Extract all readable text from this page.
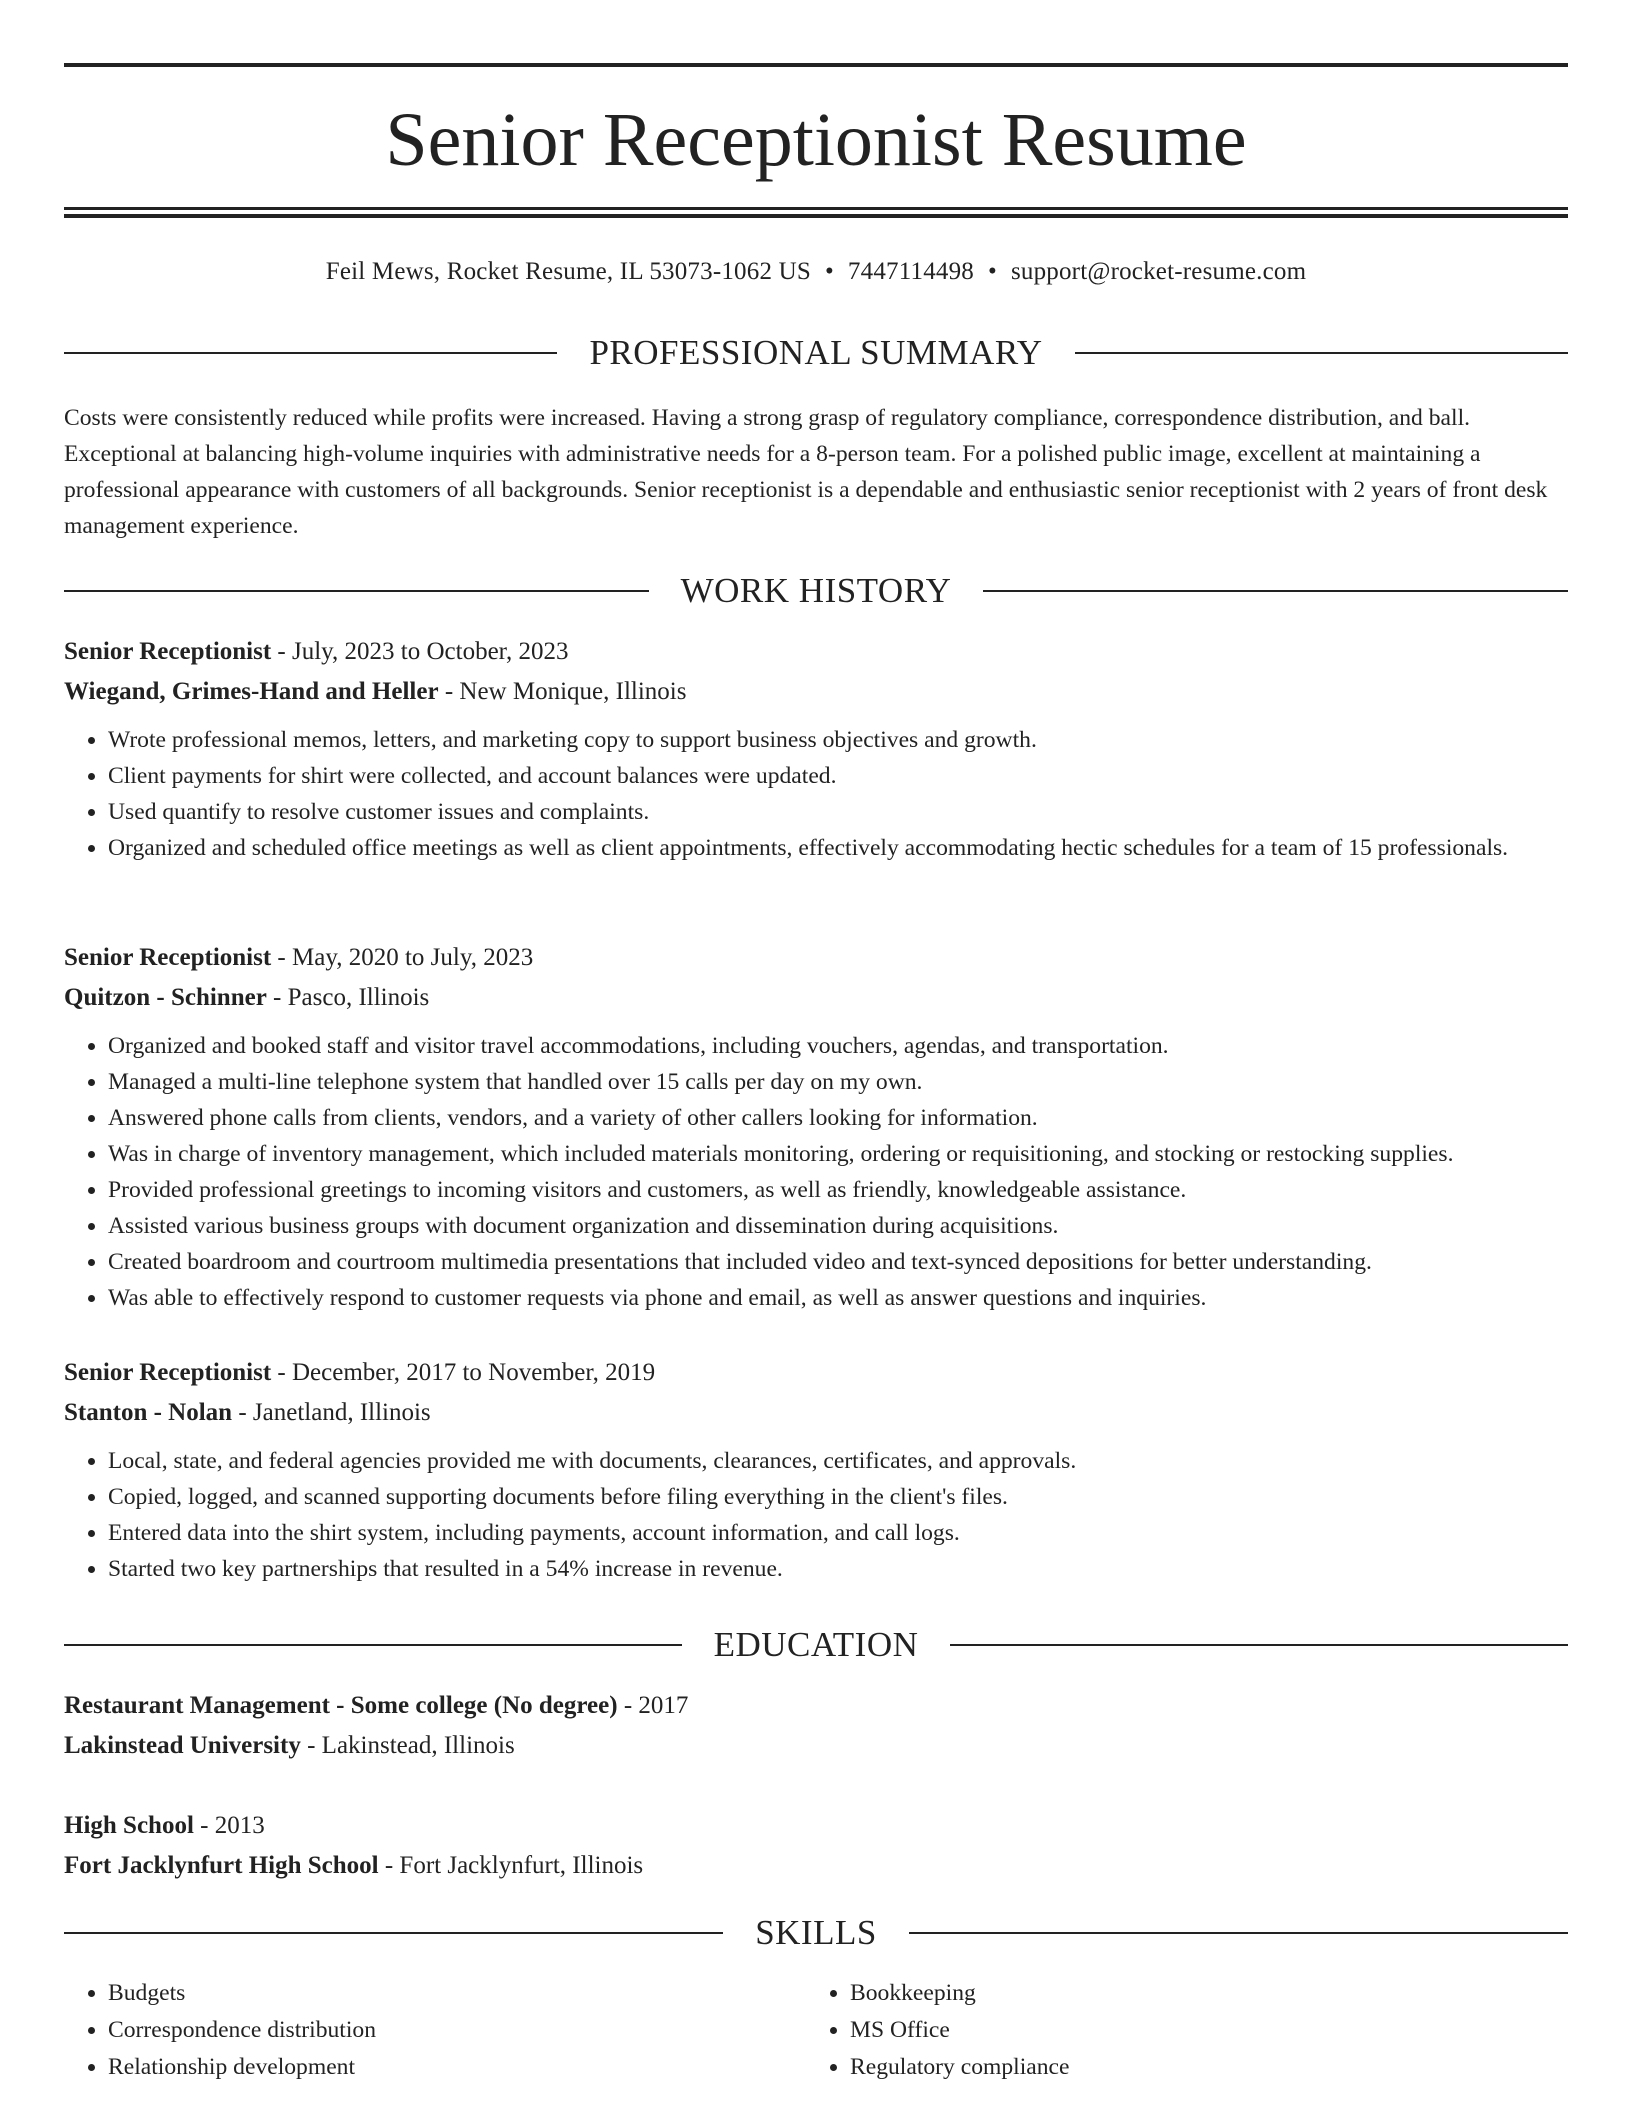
Senior Receptionist Resume
Feil Mews, Rocket Resume, IL 53073-1062 US • 7447114498 • support@rocket-resume.com
PROFESSIONAL SUMMARY

Costs were consistently reduced while profits were increased. Having a strong grasp of regulatory compliance, correspondence distribution, and ball. Exceptional at balancing high-volume inquiries with administrative needs for a 8-person team. For a polished public image, excellent at maintaining a professional appearance with customers of all backgrounds. Senior receptionist is a dependable and enthusiastic senior receptionist with 2 years of front desk management experience.

WORK HISTORY
Senior Receptionist - July, 2023 to October, 2023
Wiegand, Grimes-Hand and Heller - New Monique, Illinois
• Wrote professional memos, letters, and marketing copy to support business objectives and growth.
• Client payments for shirt were collected, and account balances were updated.
• Used quantify to resolve customer issues and complaints.
• Organized and scheduled office meetings as well as client appointments, effectively accommodating hectic schedules for a team of 15 professionals.
Senior Receptionist - May, 2020 to July, 2023
Quitzon - Schinner - Pasco, Illinois
• Organized and booked staff and visitor travel accommodations, including vouchers, agendas, and transportation.
• Managed a multi-line telephone system that handled over 15 calls per day on my own.
• Answered phone calls from clients, vendors, and a variety of other callers looking for information.
• Was in charge of inventory management, which included materials monitoring, ordering or requisitioning, and stocking or restocking supplies.
• Provided professional greetings to incoming visitors and customers, as well as friendly, knowledgeable assistance.
• Assisted various business groups with document organization and dissemination during acquisitions.
• Created boardroom and courtroom multimedia presentations that included video and text-synced depositions for better understanding.
• Was able to effectively respond to customer requests via phone and email, as well as answer questions and inquiries.
Senior Receptionist - December, 2017 to November, 2019
Stanton - Nolan - Janetland, Illinois
• Local, state, and federal agencies provided me with documents, clearances, certificates, and approvals.
• Copied, logged, and scanned supporting documents before filing everything in the client's files.
• Entered data into the shirt system, including payments, account information, and call logs.
• Started two key partnerships that resulted in a 54% increase in revenue.
EDUCATION
Restaurant Management - Some college (No degree) - 2017
Lakinstead University - Lakinstead, Illinois
High School - 2013
Fort Jacklynfurt High School - Fort Jacklynfurt, Illinois
SKILLS
• Budgets
• Correspondence distribution
• Relationship development
• Bookkeeping
• MS Office
• Regulatory compliance
